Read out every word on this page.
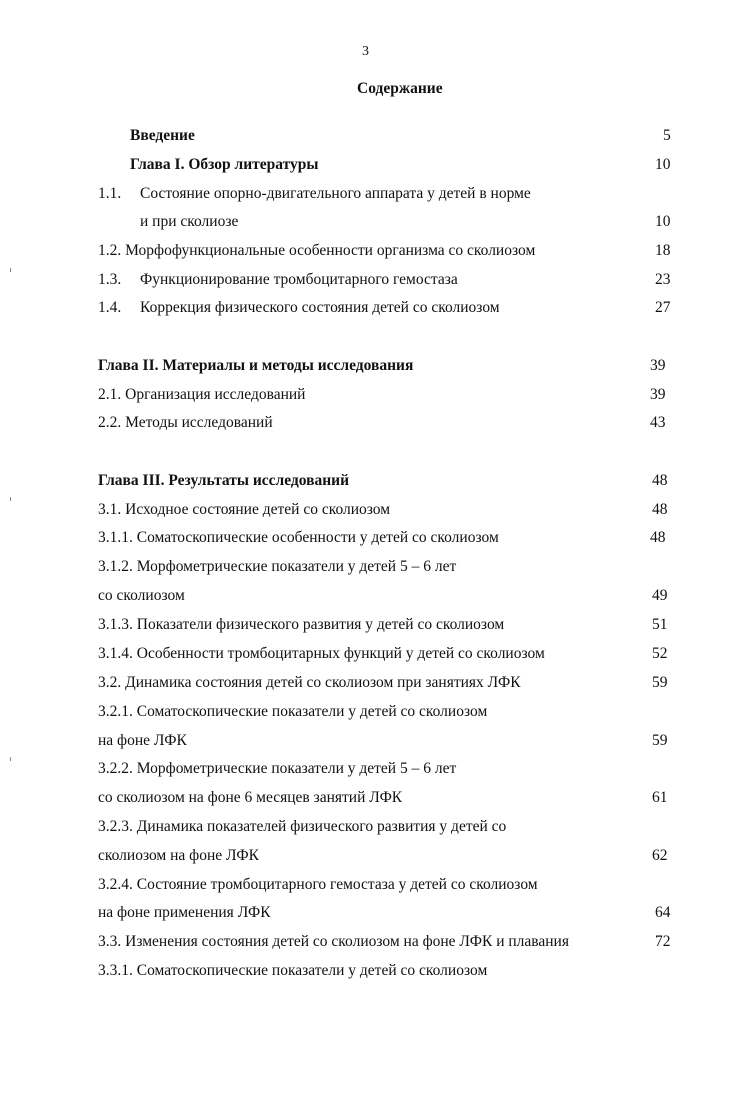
3
Содержание
Введение	5
Глава I. Обзор литературы	10
1.1. Состояние опорно-двигательного аппарата у детей в норме
и при сколиозе	10
1.2. Морфофункциональные особенности организма со сколиозом	18
1.3. Функционирование тромбоцитарного гемостаза	23
1.4. Коррекция физического состояния детей со сколиозом	27
Глава II. Материалы и методы исследования	39
2.1. Организация исследований	39
2.2. Методы исследований	43
Глава III. Результаты исследований	48
3.1. Исходное состояние детей со сколиозом	48
3.1.1. Соматоскопические особенности у детей со сколиозом	48
3.1.2. Морфометрические показатели у детей 5 – 6 лет
со сколиозом	49
3.1.3. Показатели физического развития у детей со сколиозом	51
3.1.4. Особенности тромбоцитарных функций у детей со сколиозом	52
3.2. Динамика состояния детей со сколиозом при занятиях ЛФК	59
3.2.1. Соматоскопические показатели у детей со сколиозом
на фоне ЛФК	59
3.2.2. Морфометрические показатели у детей 5 – 6 лет
со сколиозом на фоне 6 месяцев занятий ЛФК	61
3.2.3. Динамика показателей физического развития у детей со
сколиозом на фоне ЛФК	62
3.2.4. Состояние тромбоцитарного гемостаза у детей со сколиозом
на фоне применения ЛФК	64
3.3. Изменения состояния детей со сколиозом на фоне ЛФК и плавания	72
3.3.1. Соматоскопические показатели у детей со сколиозом
